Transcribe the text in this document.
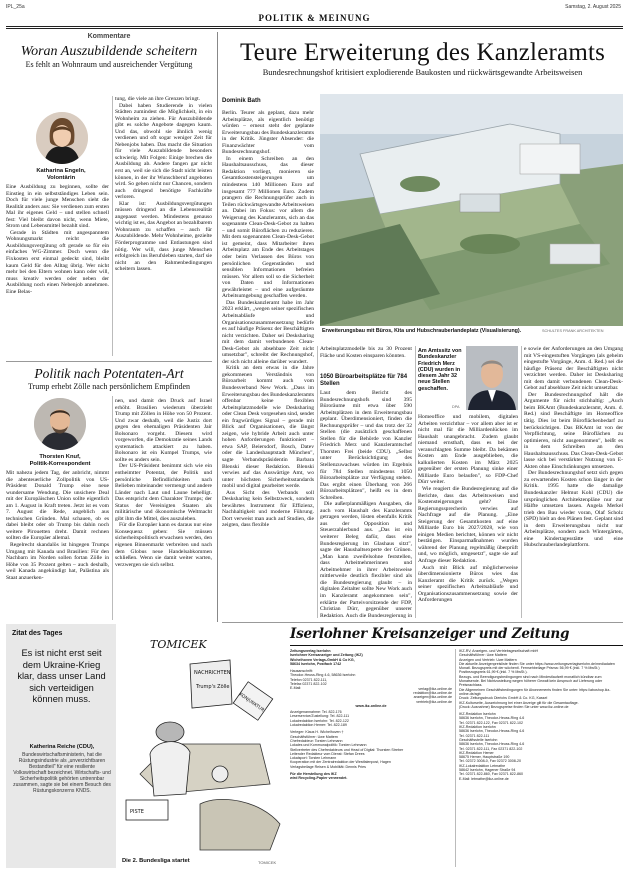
IPL_25a	Samstag, 2. August 2025
POLITIK & MEINUNG
Kommentare
Woran Auszubildende scheitern
Es fehlt an Wohnraum und ausreichender Vergütung
Katharina Engeln,
Volontärin

Eine Ausbildung zu beginnen, sollte der Einstieg in ein selbstständiges Leben sein. Doch für viele junge Menschen sieht die Realität anders aus: Sie verdienen zum ersten Mal ihr eigenes Geld – und stellen schnell fest: Viel bleibt davon nicht, wenn Miete, Strom und Lebensmittel bezahlt sind.

Gerade in Städten mit angespanntem Wohnungsmarkt reicht die Ausbildungsvergütung oft gerade so für ein einfaches WG-Zimmer. Doch wenn die Fixkosten erst einmal gedeckt sind, bleibt kaum Geld für den Alltag übrig. Wer nicht mehr bei den Eltern wohnen kann oder will, muss kreativ werden oder neben der Ausbildung noch einen Nebenjob annehmen. Eine Belas-

tung, die viele an ihre Grenzen bringt.

Dabei haben Studierende in vielen Städten zumindest die Möglichkeit, in ein Wohnheim zu ziehen. Für Auszubildende gibt es solche Angebote dagegen kaum. Und das, obwohl sie ähnlich wenig verdienen und oft sogar weniger Zeit für Nebenjobs haben. Das macht die Situation für viele Auszubildende besonders schwierig. Mit Folgen: Einige brechen die Ausbildung ab. Andere fangen gar nicht erst an, weil sie sich die Stadt nicht leisten können, in der ihr Wunschberuf angeboten wird. So gehen nicht nur Chancen, sondern auch dringend benötigte Fachkräfte verloren.

Klar ist: Ausbildungsvergütungen müssen dringend an die Lebensrealität angepasst werden. Mindestens genauso wichtig ist es, das Angebot an bezahlbarem Wohnraum zu schaffen – auch für Auszubildende. Mehr Wohnheime, gezielte Förderprogramme und Entlastungen sind nötig. Wer will, dass junge Menschen erfolgreich ins Berufsleben starten, darf sie nicht an den Rahmenbedingungen scheitern lassen.

Politik nach Potentaten-Art
Trump erhebt Zölle nach persönlichem Empfinden
Thorsten Knuf,
Politik-Korrespondent

Mit nahezu jedem Tag, der anbricht, nimmt die abenteuerliche Zollpolitik von US-Präsident Donald Trump eine neue wundersame Wendung. Die unsichere Deal mit der Europäischen Union sollte eigentlich am 1. August in Kraft treten. Jetzt ist es vom 7. August die Rede, angeblich aus technischen Gründen. Mal schauen, ob es dabei bleibt oder ob Trump bis dahin noch weitere Pirouetten dreht. Damit rechnen sollten die Europäer allemal.

Regelrecht skandalös ist hingegen Trumps Umgang mit Kanada und Brasilien: Für den Nachbarn im Norden sollen fortan Zölle in Höhe von 35 Prozent gelten – auch deshalb, weil Kanada angekündigt hat, Palästina als Staat anzuerken-

nen, und damit den Druck auf Israel erhöht. Brasilien wiederum überzieht Trump mit Zöllen in Höhe von 50 Prozent. Und zwar deshalb, weil die Justiz dort gegen den ehemaligen Präsidenten Jair Bolsonaro vorgeht. Diesem wird vorgeworfen, die Demokratie seines Lands systematisch attackiert zu haben. Bolsonaro ist ein Kumpel Trumps, wie sollte es anders sein.

Der US-Präsident benimmt sich wie ein entheimtter Potentat, der Politik und persönliche Befindlichkeiten nach Belieben miteinander vermengt und andere Länder nach Laut und Laune behelligt. Das entspricht dem Charakter Trumps; der Status der Vereinigten Staaten als militärische und ökonomische Weltmacht gibt ihm die Mittel, dies auszuleben.

Für die Europäer kann es daraus nur eine Konsequenz geben: Sie müssen sicherheitspolitisch erwachsen werden, den eigenen Binnenmarkt verbreiten und nach dem Globus neue Handelsabkommen schließen. Wenn sie damit weiter warten, verzwergen sie sich selbst.

Zitat des Tages
Es ist nicht erst seit dem Ukraine-Krieg klar, dass unser Land sich verteidigen können muss.
Katherina Reiche (CDU),
Bundeswirtschaftsministerin, hat die Rüstungsindustrie als „unverzichtbaren Bestandteil" für eine resiliente Volkswirtschaft bezeichnet. Wirtschafts- und Sicherheitspolitik gehörten untrennbar zusammen, sagte sie bei einem Besuch des Rüstungskonzerns KNDS.
TOMICEK
NACHRICHTEN
Trump's Zölle
KONJUNKTUR
PISTE
Die 2. Bundesliga startet	TOMICEK
Teure Erweiterung des Kanzleramts
Bundesrechnungshof kritisiert explodierende Baukosten und rückwärtsgewandte Arbeitsweisen
Dominik Bath

Berlin. Teurer als geplant, dazu mehr Arbeitsplätze, als eigentlich benötigt würden – erneut steht der geplante Erweiterungsbau des Bundeskanzleramts in der Kritik. Jüngster Absender: die Finanzwächter vom Bundesrechnungshof.

In einem Schreiben an den Haushaltsausschuss, das dieser Redaktion vorliegt, monieren sie Gesamtkostensteigerungen um mindestens 140 Millionen Euro auf insgesamt 777 Millionen Euro. Zudem prangern die Rechnungsprüfer auch in Teilen rückwärtsgewandte Arbeitsweisen an. Dabei im Fokus: vor allem die Weigerung des Kanzleramts, sich an das sogenannte Clean-Desk-Gebot zu halten – und somit Büroflächen zu reduzieren. Mit dem sogenannten Clean-Desk-Gebot ist gemeint, dass Mitarbeiter ihren Arbeitsplatz am Ende des Arbeitstages oder beim Verlassen des Büros von persönlichen Gegenständen und sensiblen Informationen befreien müssen. Vor allem soll so die Sicherheit von Daten und Informationen gewährleistet – und eine aufgeräumte Arbeitsumgebung geschaffen werden.

Das Bundeskanzleramt habe im Jahr 2023 erklärt, „wegen seiner spezifischen Arbeitsabläufe und Organisationszusammensetzung bedürfe es auf häufige Präsenz der Beschäftigten nicht verzichten. Daher sei Desksharing mit dem damit verbundenen Clean-Desk-Gebot als absehbare Zeit nicht umsetzbar", schreibt der Rechnungshof, der sich nicht alleine darüber wundert.

Kritik an dem etwas in die Jahre gekommenen Verständnis von Büroarbeit kommt auch vom Bundesverband New Work. „Dass im Erweiterungsbau des Bundeskanzleramts offenbar keine flexiblen Arbeitsplatzmodelle wie Desksharing oder Clean Desk vorgesehen sind, sendet ein fragwürdiges Signal – gerade mit Blick auf Organisationen, die längst zeigen, wie hybride Arbeit auch unter hohen Anforderungen funktioniert – etwa SAP, Beiersdorf, Bosch, Datev oder die Landeshauptstadt München", sagte Verbandspräsidentin Barbara Blenski dieser Redaktion. Blenski verwies auf das Auswärtige Amt, wo unter höchsten Sicherheitsstandards mobil und digital gearbeitet werde.

Aus Sicht des Verbands soll Desksharing kein Selbstzweck, sondern bewährtes Instrument für Effizienz, Nachhaltigkeit und moderne Führung. Dort verweist man auch auf Studien, die zeigten, dass flexible

Erweiterungsbau mit Büros, Kita und Hubschrauberlandeplatz (Visualisierung).	SCHULTES FRANK ARCHITEKTEN

Arbeitsplatzmodelle bis zu 30 Prozent Fläche und Kosten einsparen könnten.

1050 Büroarbeitsplätze für 784 Stellen

Laut dem Bericht des Bundesrechnungshofs sind 395 Büroräume mit etwa über 590 Arbeitsplätzen in dem Erweiterungsbau geplant. Überdimensioniert, finden die Rechnungsprüfer – und das trotz der 32 Stellen (die zusätzlich geschaffenen Stellen für die Behörde von Kanzler Friedrich Merz und Kanzleramtschef Thorsten Frei (beide CDU). „Selbst unter Berücksichtigung des Stellenzuwachses würden im Ergebnis für 784 Stellen mindestens 1050 Büroarbeitsplätze zur Verfügung stehen. Das ergibt einen Überhang von 266 Büroarbeitsplätzen", heißt es in dem Schreiben.

Die außerplanmäßigen Ausgaben, die auch vom Haushalt des Kanzleramts getragen werden, lösten ebenfalls Kritik aus der Opposition und Steuerzahlerbund aus. „Das ist ein weiterer Beleg dafür, dass eine Bundesregierung im Glashaus sitzt", sagte der Haushaltsexperte der Grünen. „Man kann zweifelsohne feststellen, dass Arbeitnehmerinnen und Arbeitnehmer in ihrer Arbeitsweise mittlerweile deutlich flexibler sind als die Bundesregierung glaubt – in digitalen Zeitalter sollte New Work auch im Kanzleramt angekommen sein", erklärte der Parteivorsitzende der FDP, Christian Dürr, gegenüber unserer Redaktion. Auch die Bundesregierung in

Am Amtssitz von Bundeskanzler Friedrich Merz (CDU) wurden in diesem Jahr 32 neue Stellen geschaffen.
DPA

Homeoffice und mobilem, digitalen Arbeiten verzichtbar – vor allem aber ist er nicht mal für die Milliardenlücken im Haushalt unangebracht. Zudem glaubt niemand ernsthaft, dass es bei der veranschlagten Summe bleibt. Da bekämen Kosten am Ende ausgeblieben, die kalkulierten Kosten im März 2025 gegenüber der ersten Planung sinke einer Milliarde Euro belaufen", so FDP-Chef Dürr weiter.

Wie reagiert die Bundesregierung auf die Berichte, dass das Arbeitsweisen und Kostensteigerungen geht? Eine Regierungssprecherin verwies auf Nachfrage auf die Planung. „Eine Steigerung der Gesamtkosten auf eine Milliarde Euro bis 2027/2028, wie von einigen Medien berichtet, können wir nicht bestätigen. Einsparmaßnahmen wurden während der Planung regelmäßig überprüft und, wo möglich, umgesetzt", sagte sie auf Anfrage dieser Redaktion.

Auch mit Blick auf möglicherweise überdimensionierte Büros wies das Kanzleramt die Kritik zurück. „Wegen seiner spezifischen Arbeitsabläufe und Organisationszusammensetzung sowie der Anforderungen

e sowie der Anforderungen an den Umgang mit VS-eingestuften Vorgängen (als geheim eingestufte Vorgänge, Anm. d. Red.) sei die häufige Präsenz der Beschäftigten nicht verzichtet werden. Daher ist Desksharing mit dem damit verbundenen Clean-Desk-Gebot auf absehbare Zeit nicht umsetzbar.

Der Bundesrechnungshof hält die Argumente für nicht stichhaltig: „Auch beim BKAmt (Bundeskanzleramt, Anm. d. Red.) sind Beschäftigte im Homeoffice tätig. Dies ist beim Büroflächenbedarf zu berücksichtigen. Das BKAmt ist von der Verpflichtung, seine Büroflächen zu optimieren, nicht ausgenommen", heißt es in dem Schreiben an den Haushaltsausschuss. Das Clean-Desk-Gebot lasse sich bei verstärkter Nutzung von E-Akten ohne Einschränkungen umsetzen.

Der Bundesrechnungshof setzt sich gegen zu erwartenden Kosten schon länger in der Kritik. 1995 hatte die damalige Bundeskanzler Helmut Kohl (CDU) die ursprünglichen Architektenpläne nur zur Hälfte umsetzen lassen. Angela Merkel trieb den Bau wieder voran, Olaf Scholz (SPD) hielt an den Plänen fest. Geplant sind in dem Erweiterungsbau nicht nur Arbeitsplätze, sondern auch Wintergärten, eine Kindertagesstätte und eine Hubschrauberlandeplattform.

Iserlohner Kreisanzeiger und Zeitung
Zeitungsverlag Iserlohn
Iserlohner Kreisanzeiger und Zeitung (IKZ)
Wichelhoven Verlags-GmbH & Co KG,
58634 Iserlohn, Postfach 1742
Hausanschrift:
Theodor-Heuss-Ring 4-6, 58636 Iserlohn
Telefon 02371 822-111,
Telefax 02371 822-102
E-Mail:	verlag@ikz-online.de
redaktion@ikz-online.de
anzeigen@ikz-online.de
vertrieb@ikz-online.de
www.ikz-online.de
Anzeigenannahme: Tel. 822-176
Leserservice/Zustellung: Tel. 822-111
Lokalredaktion Iserlohn: Tel. 822-122
Lokalredaktion Hemer: Tel. 822-189
Verleger: Klaus H. Wichelhoven †
Geschäftsführer: Uwe Mattern
Chefredakteur: Torsten Lehmann
Lokales und Kommunalpolitik: Torsten Lehmann
Stellvertreter des Chefredakteurs und Head of Digital: Thorsten Streber
Leitender Redakteur vom Dienst: Stefan Drees
Lokalsport: Torsten Lehmann
Kooperation mit der Zentralredaktion der Westfalenpost, Hagen
Verlagsbeilage Reisen & Mobilität: Dennis Pries
Für die Herstellung des IKZ
wird Recycling-Papier verwendet.
IKZ-RV, Anzeigen- und Vertriebsgesellschaft mbH
Geschäftsführer: Uwe Mattern
Anzeigen und Vertrieb: Uwe Mattern
Die aktuelle Anzeigenpreisliste finden Sie unter https://www.zeitungsverlagiserlohn.de/mediadaten
Monatl. Bezugspreis mit der wöchentl. Fernsehbeilage Prisma: 56,99 € (inkl. 7 % MwSt.)
Postbezugspreis 61,99 € (inkl. 7 % MwSt.).
Bezugs- und Beendigungsbedingungen sind nach Mindestlaufzeit monatlich kündbar zum Monatsende. Bei Nichtzustellung wegen höherer Gewalt kein Anspruch auf Lieferung oder Preisnachlass.
Die Allgemeinen Geschäftsbedingungen für Abonnements finden Sie unter: https://aboshop.ikz-online.de/agb
Druck: Zeitungsdruck Dierichs GmbH & Co. KG, Kassel
IKZ-Kulturseite, Auszeichnung bei einer Anzeige gilt für die Gesamtauflage.
(Druck: Ausnahme) Bezugspreise finden Sie unter www.ikz-online.de
IKZ-Redaktion Iserlohn
58636 Iserlohn, Theodor-Heuss-Ring 4-6
Tel. 02371 822-122, Fax 02371 822-102
IKZ-Redaktion Iserlohn
58636 Iserlohn, Theodor-Heuss-Ring 4-6
Tel. 02371 822-111
Geschäftsstelle Iserlohn
58636 Iserlohn, Theodor-Heuss-Ring 4-6
Tel. 02371 822-111, Fax 02371 822-102
IKZ-Redaktion Hemer
58675 Hemer, Hauptstraße 190
Tel. 02372 3008-0, Fax 02372 3008-20
IKZ-Lokalredaktion Letmathe
58642 Iserlohn, Hagener Straße 94
Tel. 02371 822-860, Fax 02371 822-860
E-Mail: letmathe@ikz-online.de
